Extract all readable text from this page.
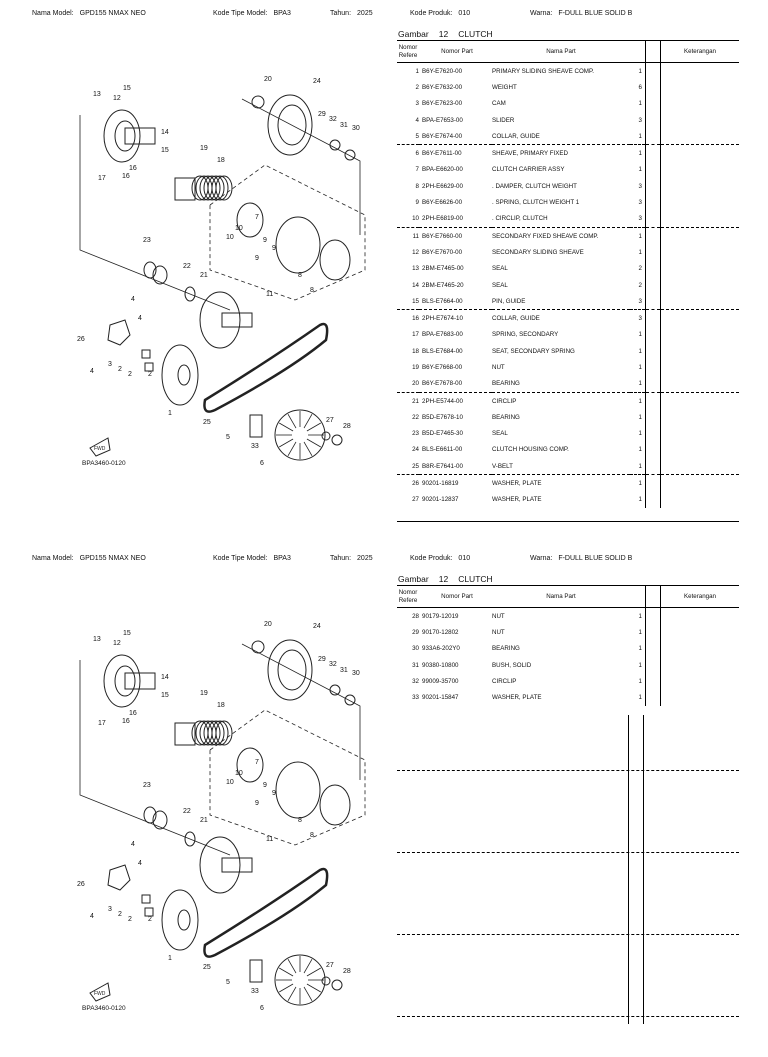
Nama Model: GPD155 NMAX NEO	Kode Tipe Model: BPA3	Tahun: 2025	Kode Produk: 010	Warna: F-DULL BLUE SOLID B
FWD
BPA3460-0120
1
2
2 2
3
4
4
4
5
6
7
8
8
9
9
9
10
10
11
12
13
14
15
15
16
16
17
18
19
20
21
22
23
24
25
26
27
28
29
30
31
32
33
Gambar 12 CLUTCH
Nomor Refere	Nomor Part	Nama Part			Keterangan
1	B6Y-E7620-00	PRIMARY SLIDING SHEAVE COMP.	1		
2	B6Y-E7632-00	WEIGHT	6		
3	B6Y-E7623-00	CAM	1		
4	BPA-E7653-00	SLIDER	3		
5	B6Y-E7674-00	COLLAR, GUIDE	1		
6	B6Y-E7611-00	SHEAVE, PRIMARY FIXED	1		
7	BPA-E6620-00	CLUTCH CARRIER ASSY	1		
8	2PH-E6629-00	. DAMPER, CLUTCH WEIGHT	3		
9	B6Y-E6626-00	. SPRING, CLUTCH WEIGHT 1	3		
10	2PH-E6819-00	. CIRCLIP, CLUTCH	3		
11	B6Y-E7660-00	SECONDARY FIXED SHEAVE COMP.	1		
12	B6Y-E7670-00	SECONDARY SLIDING SHEAVE	1		
13	2BM-E7465-00	SEAL	2		
14	2BM-E7465-20	SEAL	2		
15	BLS-E7664-00	PIN, GUIDE	3		
16	2PH-E7674-10	COLLAR, GUIDE	3		
17	BPA-E7683-00	SPRING, SECONDARY	1		
18	BLS-E7684-00	SEAT, SECONDARY SPRING	1		
19	B6Y-E7668-00	NUT	1		
20	B6Y-E7678-00	BEARING	1		
21	2PH-E5744-00	CIRCLIP	1		
22	B5D-E7678-10	BEARING	1		
23	B5D-E7465-30	SEAL	1		
24	BLS-E6611-00	CLUTCH HOUSING COMP.	1		
25	B8R-E7641-00	V-BELT	1		
26	90201-16819	WASHER, PLATE	1		
27	90201-12837	WASHER, PLATE	1		
Nama Model: GPD155 NMAX NEO	Kode Tipe Model: BPA3	Tahun: 2025	Kode Produk: 010	Warna: F-DULL BLUE SOLID B
FWD
BPA3460-0120
1
2
2 2
3
4
4
4
5
6
7
8
8
9
9
9
10
10
11
12
13
14
15
15
16
16
17
18
19
20
21
22
23
24
25
26
27
28
29
30
31
32
33
Gambar 12 CLUTCH
Nomor Refere	Nomor Part	Nama Part			Keterangan
28	90179-12019	NUT	1		
29	90170-12802	NUT	1		
30	933A6-202Y0	BEARING	1		
31	90380-10800	BUSH, SOLID	1		
32	99009-35700	CIRCLIP	1		
33	90201-15847	WASHER, PLATE	1		
